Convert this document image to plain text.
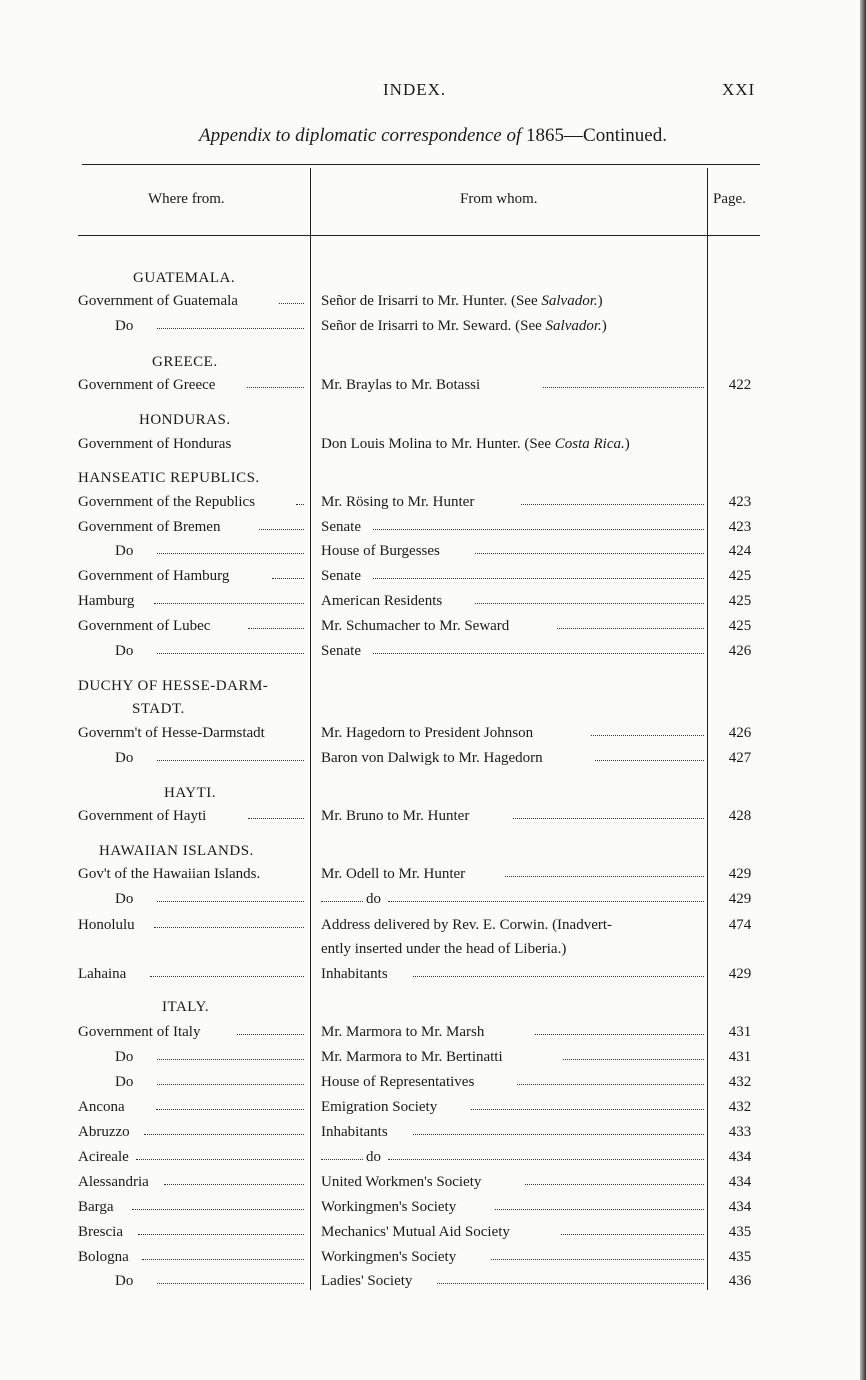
INDEX.	XXI
Appendix to diplomatic correspondence of 1865—Continued.
Where from.	From whom.	Page.
GUATEMALA.
GREECE.
HONDURAS.
HANSEATIC REPUBLICS.
DUCHY OF HESSE-DARM-
STADT.
HAYTI.
HAWAIIAN ISLANDS.
ITALY.
Government of Guatemala	Señor de Irisarri to Mr. Hunter. (See Salvador.)
Do	Señor de Irisarri to Mr. Seward. (See Salvador.)
Government of Greece	Mr. Braylas to Mr. Botassi	422
Government of Honduras	Don Louis Molina to Mr. Hunter. (See Costa Rica.)
Government of the Republics	Mr. Rösing to Mr. Hunter	423
Government of Bremen	Senate	423
Do	House of Burgesses	424
Government of Hamburg	Senate	425
Hamburg	American Residents	425
Government of Lubec	Mr. Schumacher to Mr. Seward	425
Do	Senate	426
Governm't of Hesse-Darmstadt	Mr. Hagedorn to President Johnson	426
Do	Baron von Dalwigk to Mr. Hagedorn	427
Government of Hayti	Mr. Bruno to Mr. Hunter	428
Gov't of the Hawaiian Islands.	Mr. Odell to Mr. Hunter	429
Do	do	429
Honolulu	Address delivered by Rev. E. Corwin. (Inadvert-	474
ently inserted under the head of Liberia.)
Lahaina	Inhabitants	429
Government of Italy	Mr. Marmora to Mr. Marsh	431
Do	Mr. Marmora to Mr. Bertinatti	431
Do	House of Representatives	432
Ancona	Emigration Society	432
Abruzzo	Inhabitants	433
Acireale	do	434
Alessandria	United Workmen's Society	434
Barga	Workingmen's Society	434
Brescia	Mechanics' Mutual Aid Society	435
Bologna	Workingmen's Society	435
Do	Ladies' Society	436
